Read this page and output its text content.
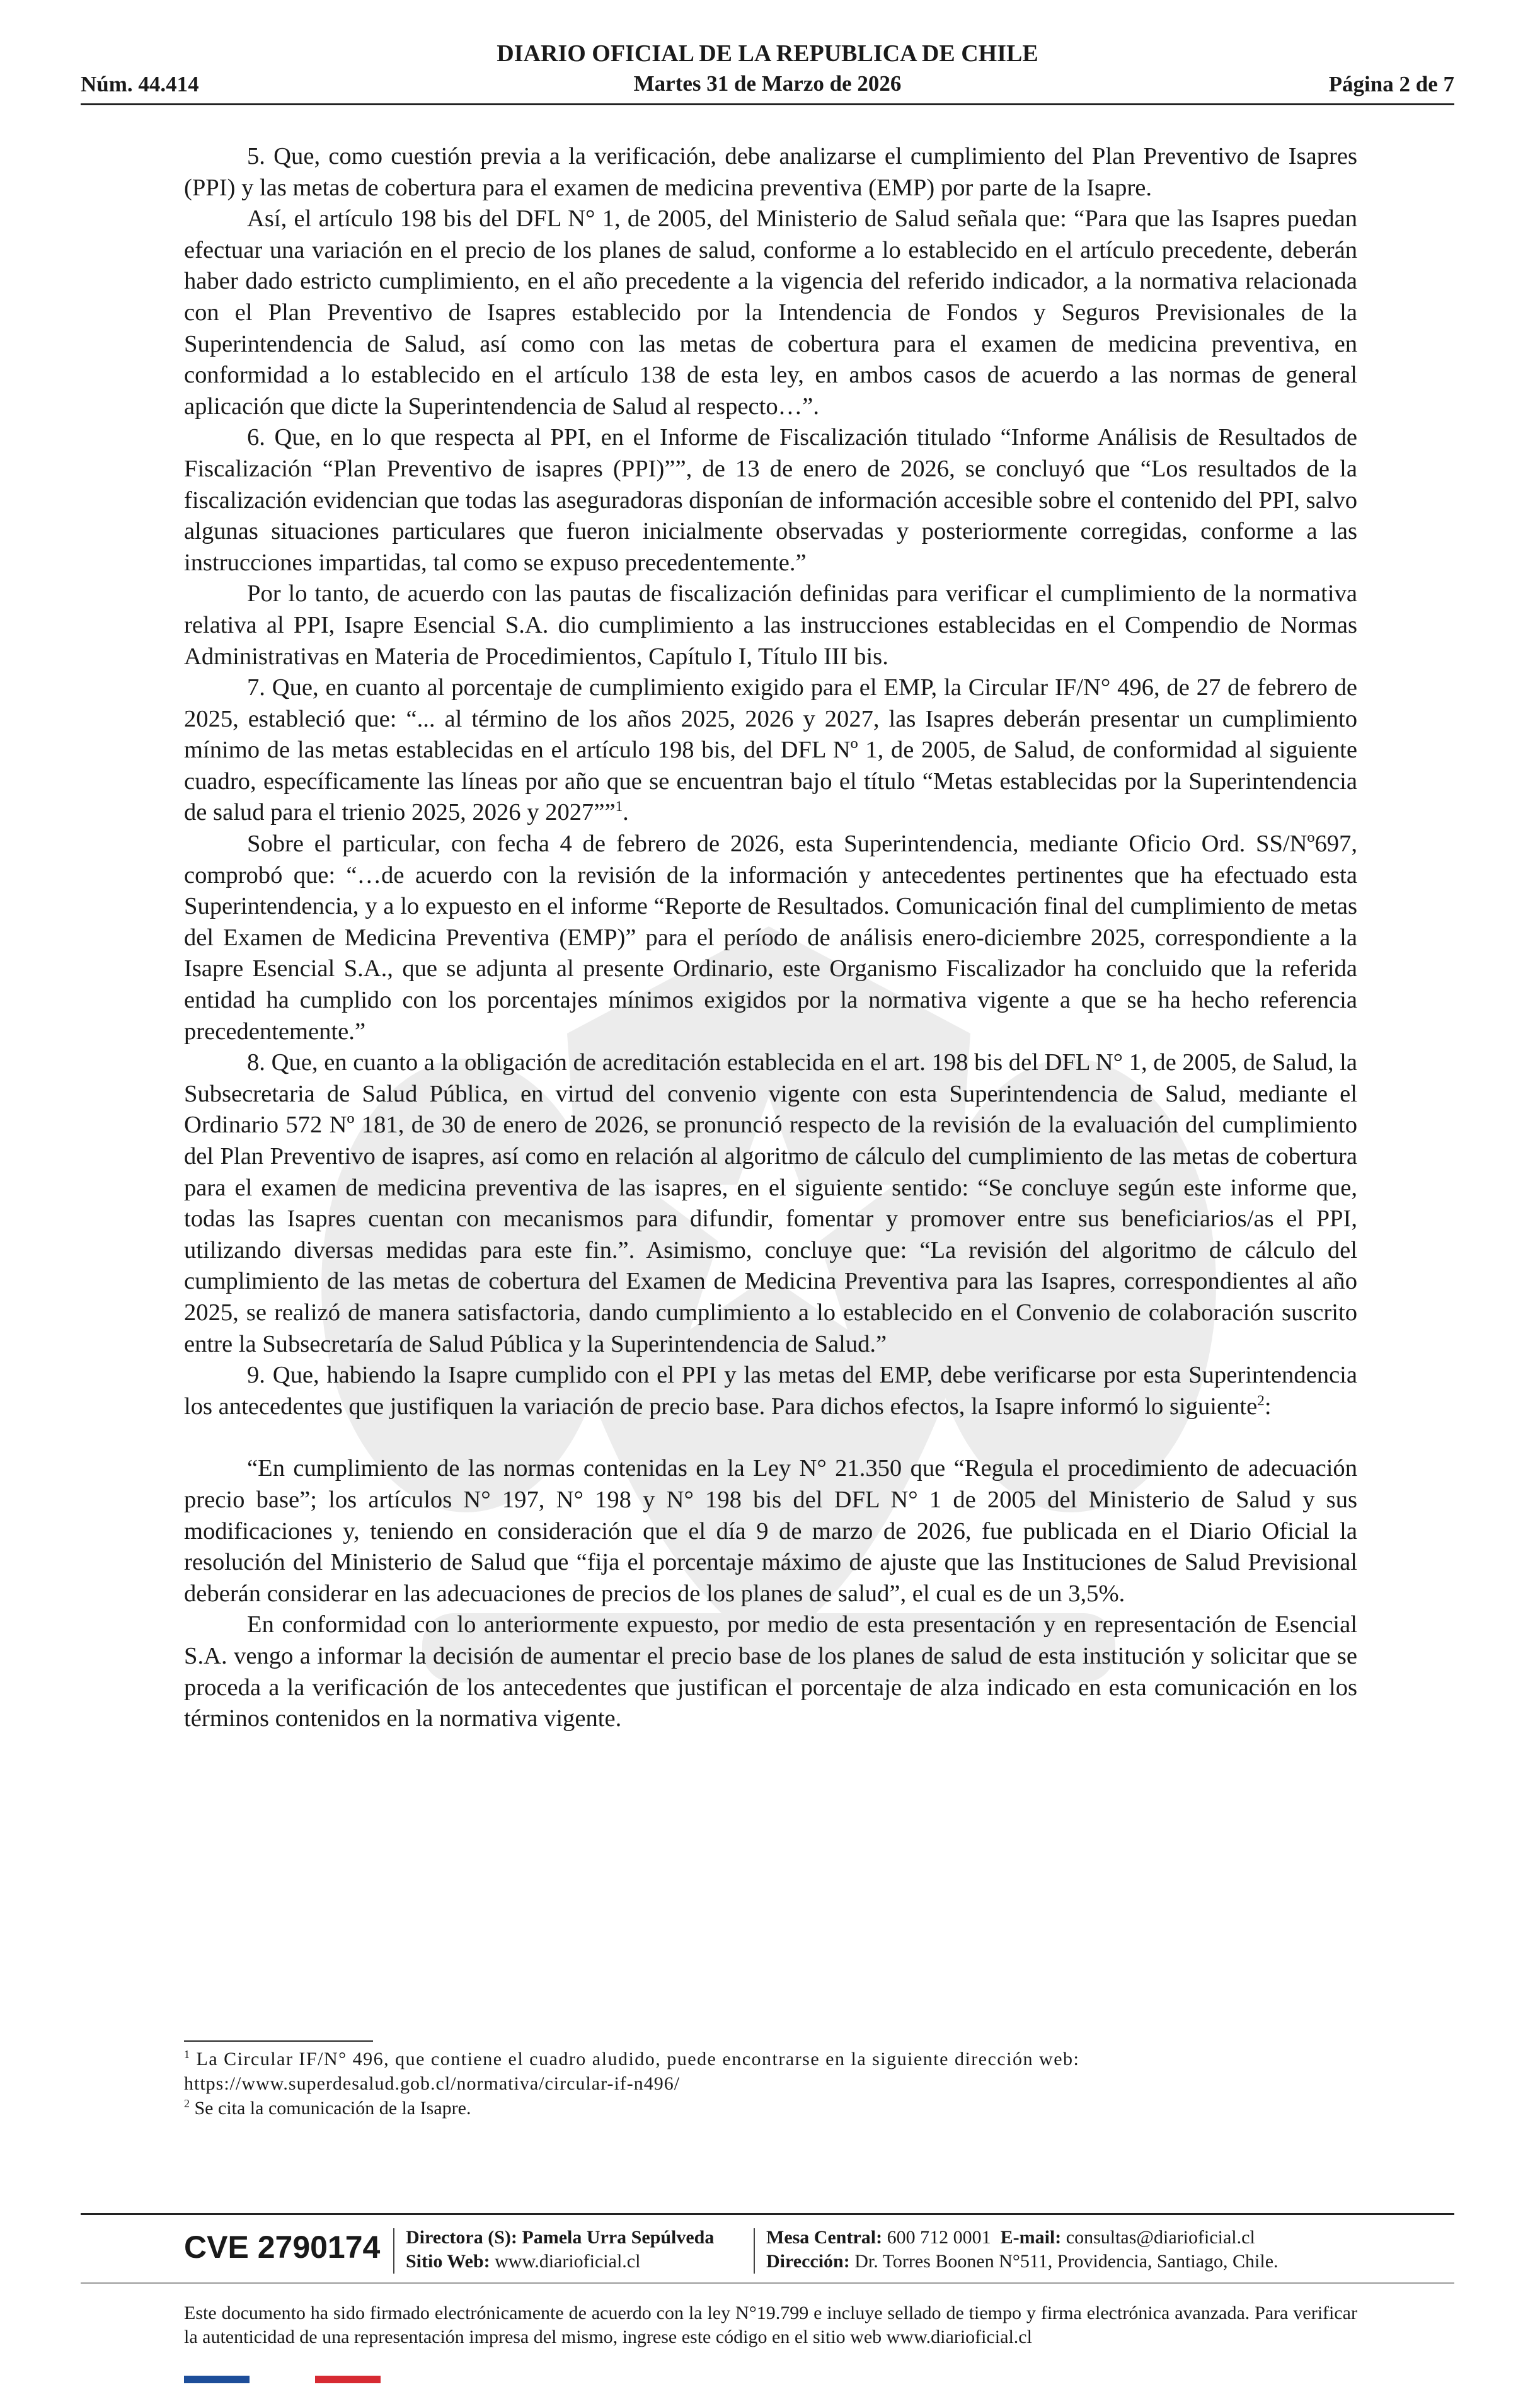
Núm. 44.414
DIARIO OFICIAL DE LA REPUBLICA DE CHILE
Martes 31 de Marzo de 2026	Página 2 de 7

5. Que, como cuestión previa a la verificación, debe analizarse el cumplimiento del Plan Preventivo de Isapres (PPI) y las metas de cobertura para el examen de medicina preventiva (EMP) por parte de la Isapre.

Así, el artículo 198 bis del DFL N° 1, de 2005, del Ministerio de Salud señala que: “Para que las Isapres puedan efectuar una variación en el precio de los planes de salud, conforme a lo establecido en el artículo precedente, deberán haber dado estricto cumplimiento, en el año precedente a la vigencia del referido indicador, a la normativa relacionada con el Plan Preventivo de Isapres establecido por la Intendencia de Fondos y Seguros Previsionales de la Superintendencia de Salud, así como con las metas de cobertura para el examen de medicina preventiva, en conformidad a lo establecido en el artículo 138 de esta ley, en ambos casos de acuerdo a las normas de general aplicación que dicte la Superintendencia de Salud al respecto…”.

6. Que, en lo que respecta al PPI, en el Informe de Fiscalización titulado “Informe Análisis de Resultados de Fiscalización “Plan Preventivo de isapres (PPI)””, de 13 de enero de 2026, se concluyó que “Los resultados de la fiscalización evidencian que todas las aseguradoras disponían de información accesible sobre el contenido del PPI, salvo algunas situaciones particulares que fueron inicialmente observadas y posteriormente corregidas, conforme a las instrucciones impartidas, tal como se expuso precedentemente.”

Por lo tanto, de acuerdo con las pautas de fiscalización definidas para verificar el cumplimiento de la normativa relativa al PPI, Isapre Esencial S.A. dio cumplimiento a las instrucciones establecidas en el Compendio de Normas Administrativas en Materia de Procedimientos, Capítulo I, Título III bis.

7. Que, en cuanto al porcentaje de cumplimiento exigido para el EMP, la Circular IF/N° 496, de 27 de febrero de 2025, estableció que: “... al término de los años 2025, 2026 y 2027, las Isapres deberán presentar un cumplimiento mínimo de las metas establecidas en el artículo 198 bis, del DFL Nº 1, de 2005, de Salud, de conformidad al siguiente cuadro, específicamente las líneas por año que se encuentran bajo el título “Metas establecidas por la Superintendencia de salud para el trienio 2025, 2026 y 2027””$^1$.

Sobre el particular, con fecha 4 de febrero de 2026, esta Superintendencia, mediante Oficio Ord. SS/Nº697, comprobó que: “…de acuerdo con la revisión de la información y antecedentes pertinentes que ha efectuado esta Superintendencia, y a lo expuesto en el informe “Reporte de Resultados. Comunicación final del cumplimiento de metas del Examen de Medicina Preventiva (EMP)” para el período de análisis enero-diciembre 2025, correspondiente a la Isapre Esencial S.A., que se adjunta al presente Ordinario, este Organismo Fiscalizador ha concluido que la referida entidad ha cumplido con los porcentajes mínimos exigidos por la normativa vigente a que se ha hecho referencia precedentemente.”

8. Que, en cuanto a la obligación de acreditación establecida en el art. 198 bis del DFL N° 1, de 2005, de Salud, la Subsecretaria de Salud Pública, en virtud del convenio vigente con esta Superintendencia de Salud, mediante el Ordinario 572 Nº 181, de 30 de enero de 2026, se pronunció respecto de la revisión de la evaluación del cumplimiento del Plan Preventivo de isapres, así como en relación al algoritmo de cálculo del cumplimiento de las metas de cobertura para el examen de medicina preventiva de las isapres, en el siguiente sentido: “Se concluye según este informe que, todas las Isapres cuentan con mecanismos para difundir, fomentar y promover entre sus beneficiarios/as el PPI, utilizando diversas medidas para este fin.”. Asimismo, concluye que: “La revisión del algoritmo de cálculo del cumplimiento de las metas de cobertura del Examen de Medicina Preventiva para las Isapres, correspondientes al año 2025, se realizó de manera satisfactoria, dando cumplimiento a lo establecido en el Convenio de colaboración suscrito entre la Subsecretaría de Salud Pública y la Superintendencia de Salud.”

9. Que, habiendo la Isapre cumplido con el PPI y las metas del EMP, debe verificarse por esta Superintendencia los antecedentes que justifiquen la variación de precio base. Para dichos efectos, la Isapre informó lo siguiente$^2$:

“En cumplimiento de las normas contenidas en la Ley N° 21.350 que “Regula el procedimiento de adecuación precio base”; los artículos N° 197, N° 198 y N° 198 bis del DFL N° 1 de 2005 del Ministerio de Salud y sus modificaciones y, teniendo en consideración que el día 9 de marzo de 2026, fue publicada en el Diario Oficial la resolución del Ministerio de Salud que “fija el porcentaje máximo de ajuste que las Instituciones de Salud Previsional deberán considerar en las adecuaciones de precios de los planes de salud”, el cual es de un 3,5%.

En conformidad con lo anteriormente expuesto, por medio de esta presentación y en representación de Esencial S.A. vengo a informar la decisión de aumentar el precio base de los planes de salud de esta institución y solicitar que se proceda a la verificación de los antecedentes que justifican el porcentaje de alza indicado en esta comunicación en los términos contenidos en la normativa vigente.

$^1$ La Circular IF/N° 496, que contiene el cuadro aludido, puede encontrarse en la siguiente dirección web:
https://www.superdesalud.gob.cl/normativa/circular-if-n496/
$^2$ Se cita la comunicación de la Isapre.
CVE 2790174 Directora (S): Pamela Urra Sepúlveda
Sitio Web: www.diarioficial.cl
Mesa Central: 600 712 0001 E-mail: consultas@diarioficial.cl
Dirección: Dr. Torres Boonen N°511, Providencia, Santiago, Chile.
Este documento ha sido firmado electrónicamente de acuerdo con la ley N°19.799 e incluye sellado de tiempo y firma electrónica avanzada. Para verificar la autenticidad de una representación impresa del mismo, ingrese este código en el sitio web www.diarioficial.cl
